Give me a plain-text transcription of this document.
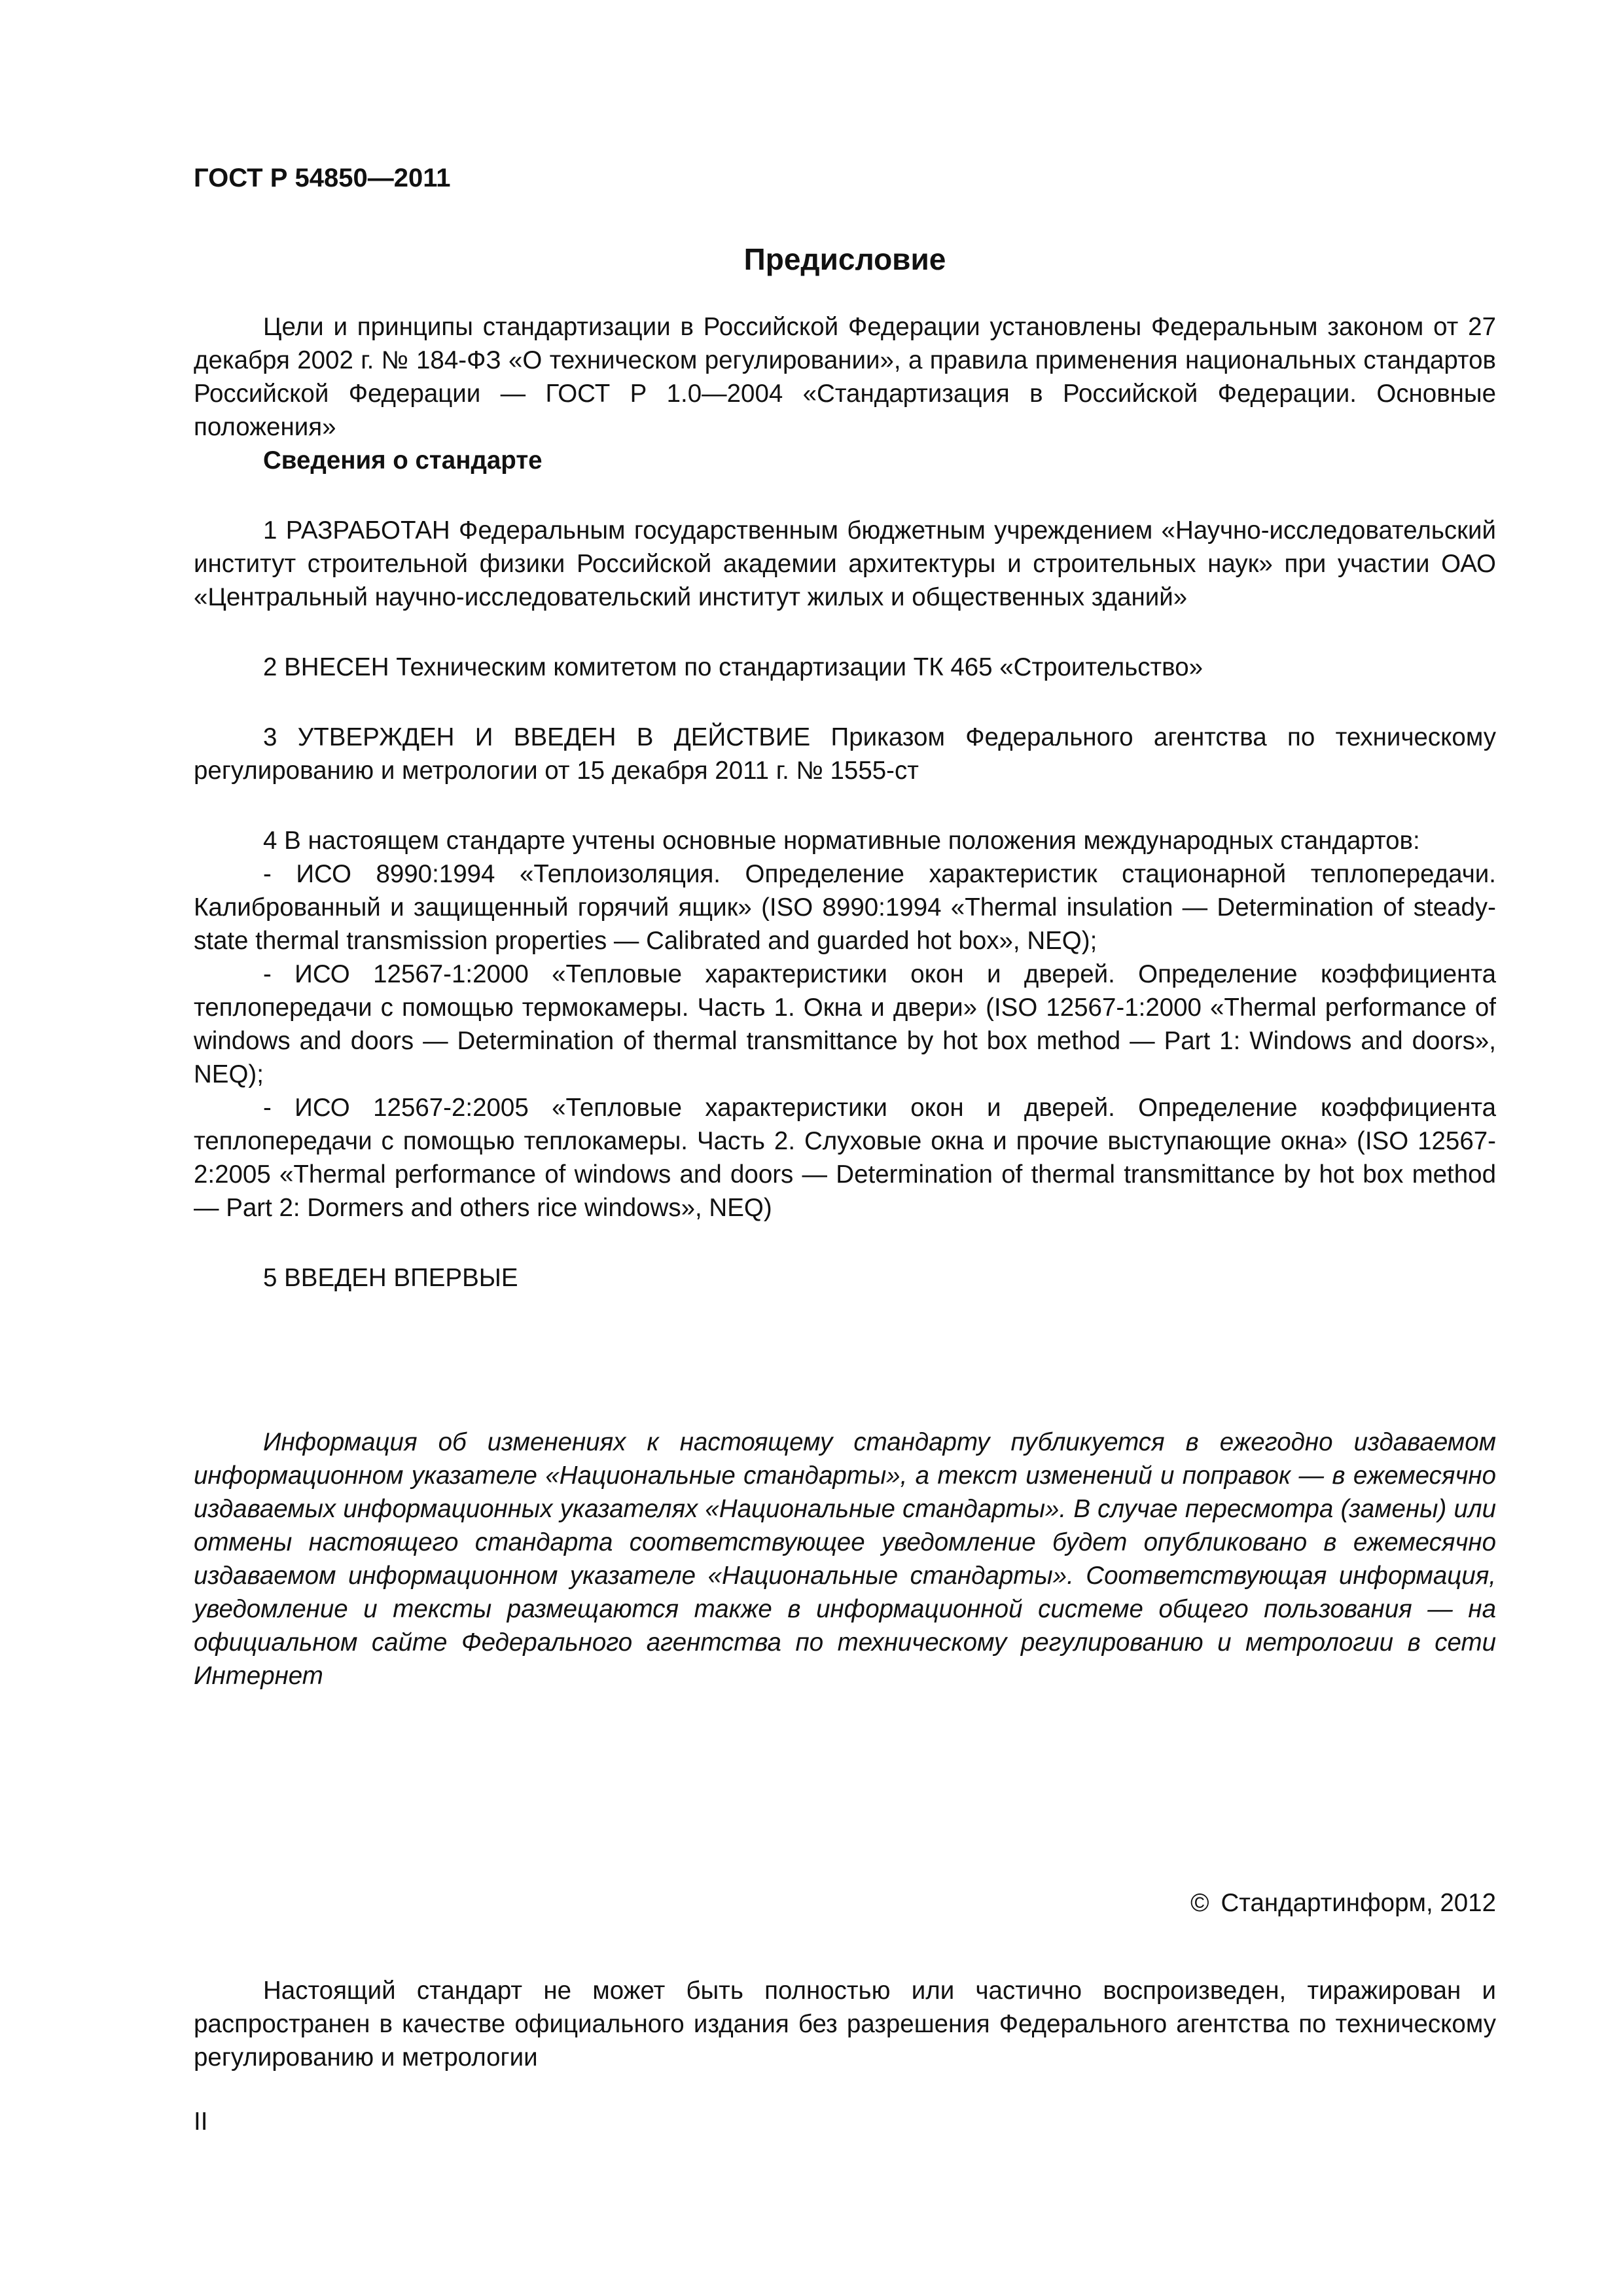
ГОСТ Р 54850—2011

Предисловие

Цели и принципы стандартизации в Российской Федерации установлены Федеральным законом от 27 декабря 2002 г. № 184-ФЗ «О техническом регулировании», а правила применения национальных стандартов Российской Федерации — ГОСТ Р 1.0—2004 «Стандартизация в Российской Федерации. Основные положения»

Сведения о стандарте

1 РАЗРАБОТАН Федеральным государственным бюджетным учреждением «Научно-исследовательский институт строительной физики Российской академии архитектуры и строительных наук» при участии ОАО «Центральный научно-исследовательский институт жилых и общественных зданий»

2 ВНЕСЕН Техническим комитетом по стандартизации ТК 465 «Строительство»

3 УТВЕРЖДЕН И ВВЕДЕН В ДЕЙСТВИЕ Приказом Федерального агентства по техническому регулированию и метрологии от 15 декабря 2011 г. № 1555-ст

4 В настоящем стандарте учтены основные нормативные положения международных стандартов:

- ИСО 8990:1994 «Теплоизоляция. Определение характеристик стационарной теплопередачи. Калиброванный и защищенный горячий ящик» (ISO 8990:1994 «Thermal insulation — Determination of steady-state thermal transmission properties — Calibrated and guarded hot box», NEQ);

- ИСО 12567-1:2000 «Тепловые характеристики окон и дверей. Определение коэффициента теплопередачи с помощью термокамеры. Часть 1. Окна и двери» (ISO 12567-1:2000 «Thermal performance of windows and doors — Determination of thermal transmittance by hot box method — Part 1: Windows and doors», NEQ);

- ИСО 12567-2:2005 «Тепловые характеристики окон и дверей. Определение коэффициента теплопередачи с помощью теплокамеры. Часть 2. Слуховые окна и прочие выступающие окна» (ISO 12567-2:2005 «Thermal performance of windows and doors — Determination of thermal transmittance by hot box method — Part 2: Dormers and others rice windows», NEQ)

5 ВВЕДЕН ВПЕРВЫЕ

Информация об изменениях к настоящему стандарту публикуется в ежегодно издаваемом информационном указателе «Национальные стандарты», а текст изменений и поправок — в ежемесячно издаваемых информационных указателях «Национальные стандарты». В случае пересмотра (замены) или отмены настоящего стандарта соответствующее уведомление будет опубликовано в ежемесячно издаваемом информационном указателе «Национальные стандарты». Соответствующая информация, уведомление и тексты размещаются также в информационной системе общего пользования — на официальном сайте Федерального агентства по техническому регулированию и метрологии в сети Интернет

© Стандартинформ, 2012

Настоящий стандарт не может быть полностью или частично воспроизведен, тиражирован и распространен в качестве официального издания без разрешения Федерального агентства по техническому регулированию и метрологии

II
